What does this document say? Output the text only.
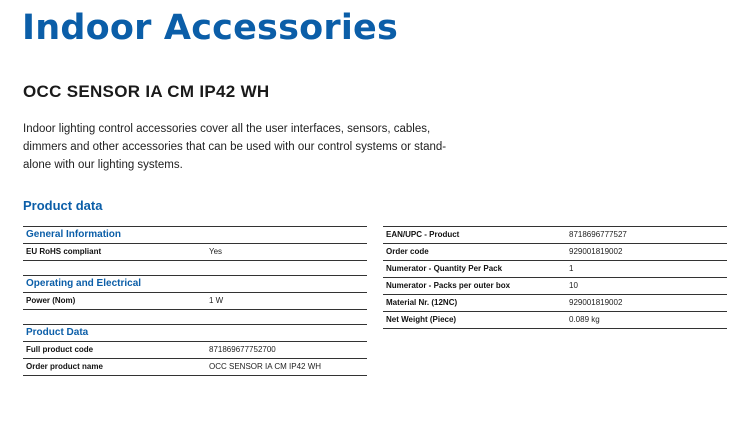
Indoor Accessories
OCC SENSOR IA CM IP42 WH
Indoor lighting control accessories cover all the user interfaces, sensors, cables, dimmers and other accessories that can be used with our control systems or stand-alone with our lighting systems.
Product data
General Information
EU RoHS compliant	Yes
Operating and Electrical
Power (Nom)	1 W
Product Data
Full product code	871869677752700
Order product name	OCC SENSOR IA CM IP42 WH
EAN/UPC - Product	8718696777527
Order code	929001819002
Numerator - Quantity Per Pack	1
Numerator - Packs per outer box	10
Material Nr. (12NC)	929001819002
Net Weight (Piece)	0.089 kg
